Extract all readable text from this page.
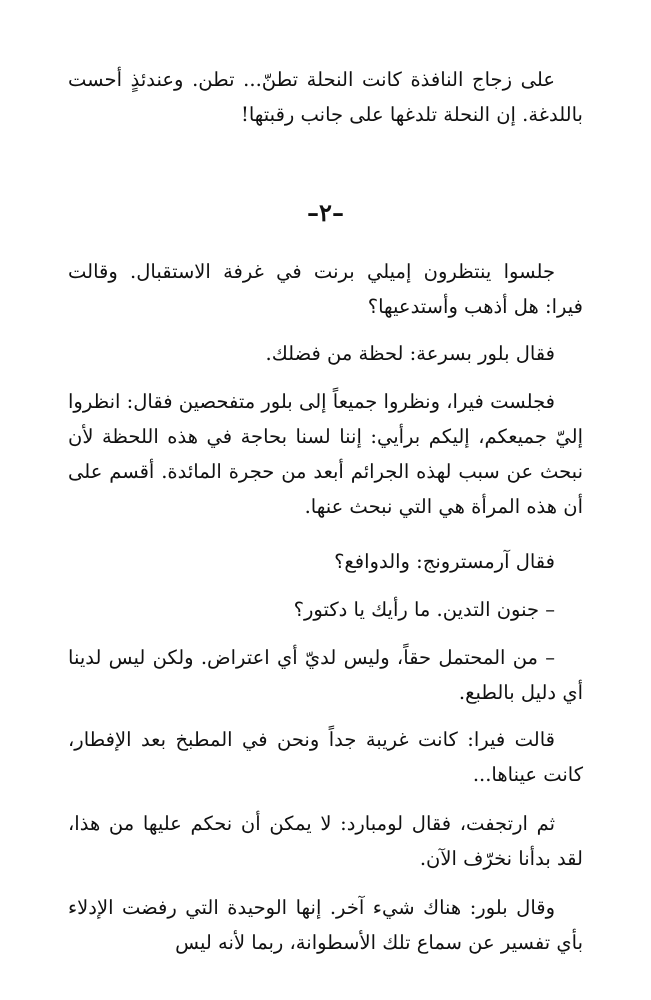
على زجاج النافذة كانت النحلة تطنّ... تطن. وعندئذٍ أحست باللدغة. إن النحلة تلدغها على جانب رقبتها!

–٢–

جلسوا ينتظرون إميلي برنت في غرفة الاستقبال. وقالت فيرا: هل أذهب وأستدعيها؟

فقال بلور بسرعة: لحظة من فضلك.

فجلست فيرا، ونظروا جميعاً إلى بلور متفحصين فقال: انظروا إليّ جميعكم، إليكم برأيي: إننا لسنا بحاجة في هذه اللحظة لأن نبحث عن سبب لهذه الجرائم أبعد من حجرة المائدة. أقسم على أن هذه المرأة هي التي نبحث عنها.

فقال آرمسترونج: والدوافع؟

– جنون التدين. ما رأيك يا دكتور؟

– من المحتمل حقاً، وليس لديّ أي اعتراض. ولكن ليس لدينا أي دليل بالطبع.

قالت فيرا: كانت غريبة جداً ونحن في المطبخ بعد الإفطار، كانت عيناها...

ثم ارتجفت، فقال لومبارد: لا يمكن أن نحكم عليها من هذا، لقد بدأنا نخرّف الآن.

وقال بلور: هناك شيء آخر. إنها الوحيدة التي رفضت الإدلاء بأي تفسير عن سماع تلك الأسطوانة، ربما لأنه ليس
